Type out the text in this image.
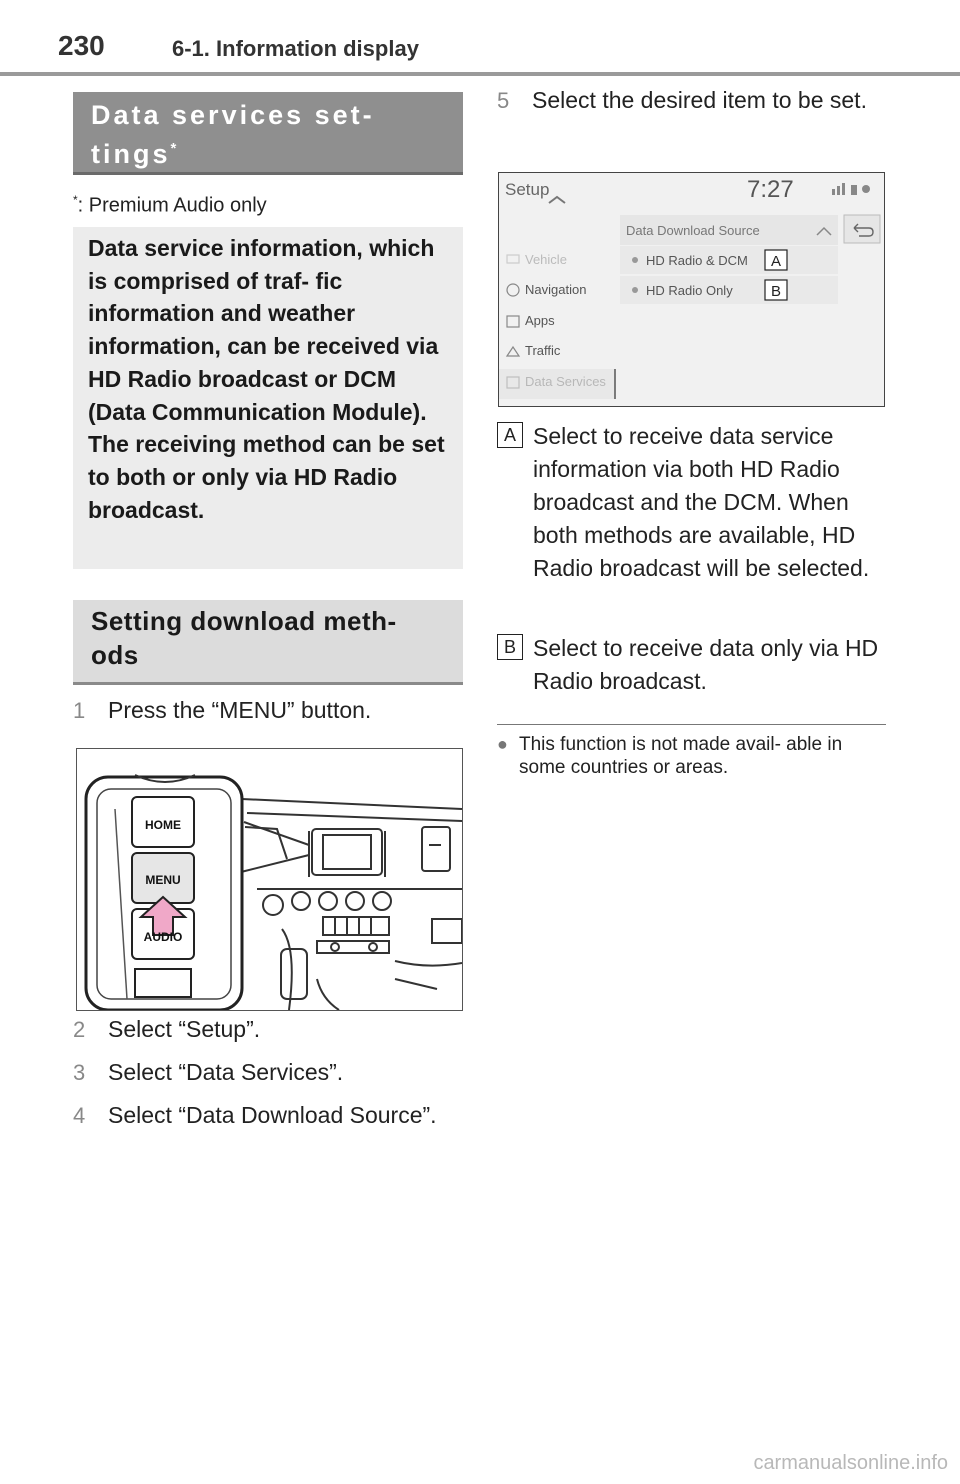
230	6-1. Information display
Data services set-
tings*
*: Premium Audio only
Data service information, which is comprised of traf- fic information and weather information, can be received via HD Radio broadcast or DCM (Data Communication Module). The receiving method can be set to both or only via HD Radio broadcast.
Setting download meth-
ods
1 Press the “MENU” button.
HOME
MENU
AUDIO
2 Select “Setup”.
3 Select “Data Services”.
4 Select “Data Download Source”.
5 Select the desired item to be set.
Setup	7:27
Vehicle
Navigation
Apps
Traffic
Data Download Source
HD Radio & DCM
HD Radio Only
A
B
A Select to receive data service information via both HD Radio broadcast and the DCM. When both methods are available, HD Radio broadcast will be selected.
B Select to receive data only via HD Radio broadcast.
● This function is not made avail- able in some countries or areas.
carmanualsonline.info
